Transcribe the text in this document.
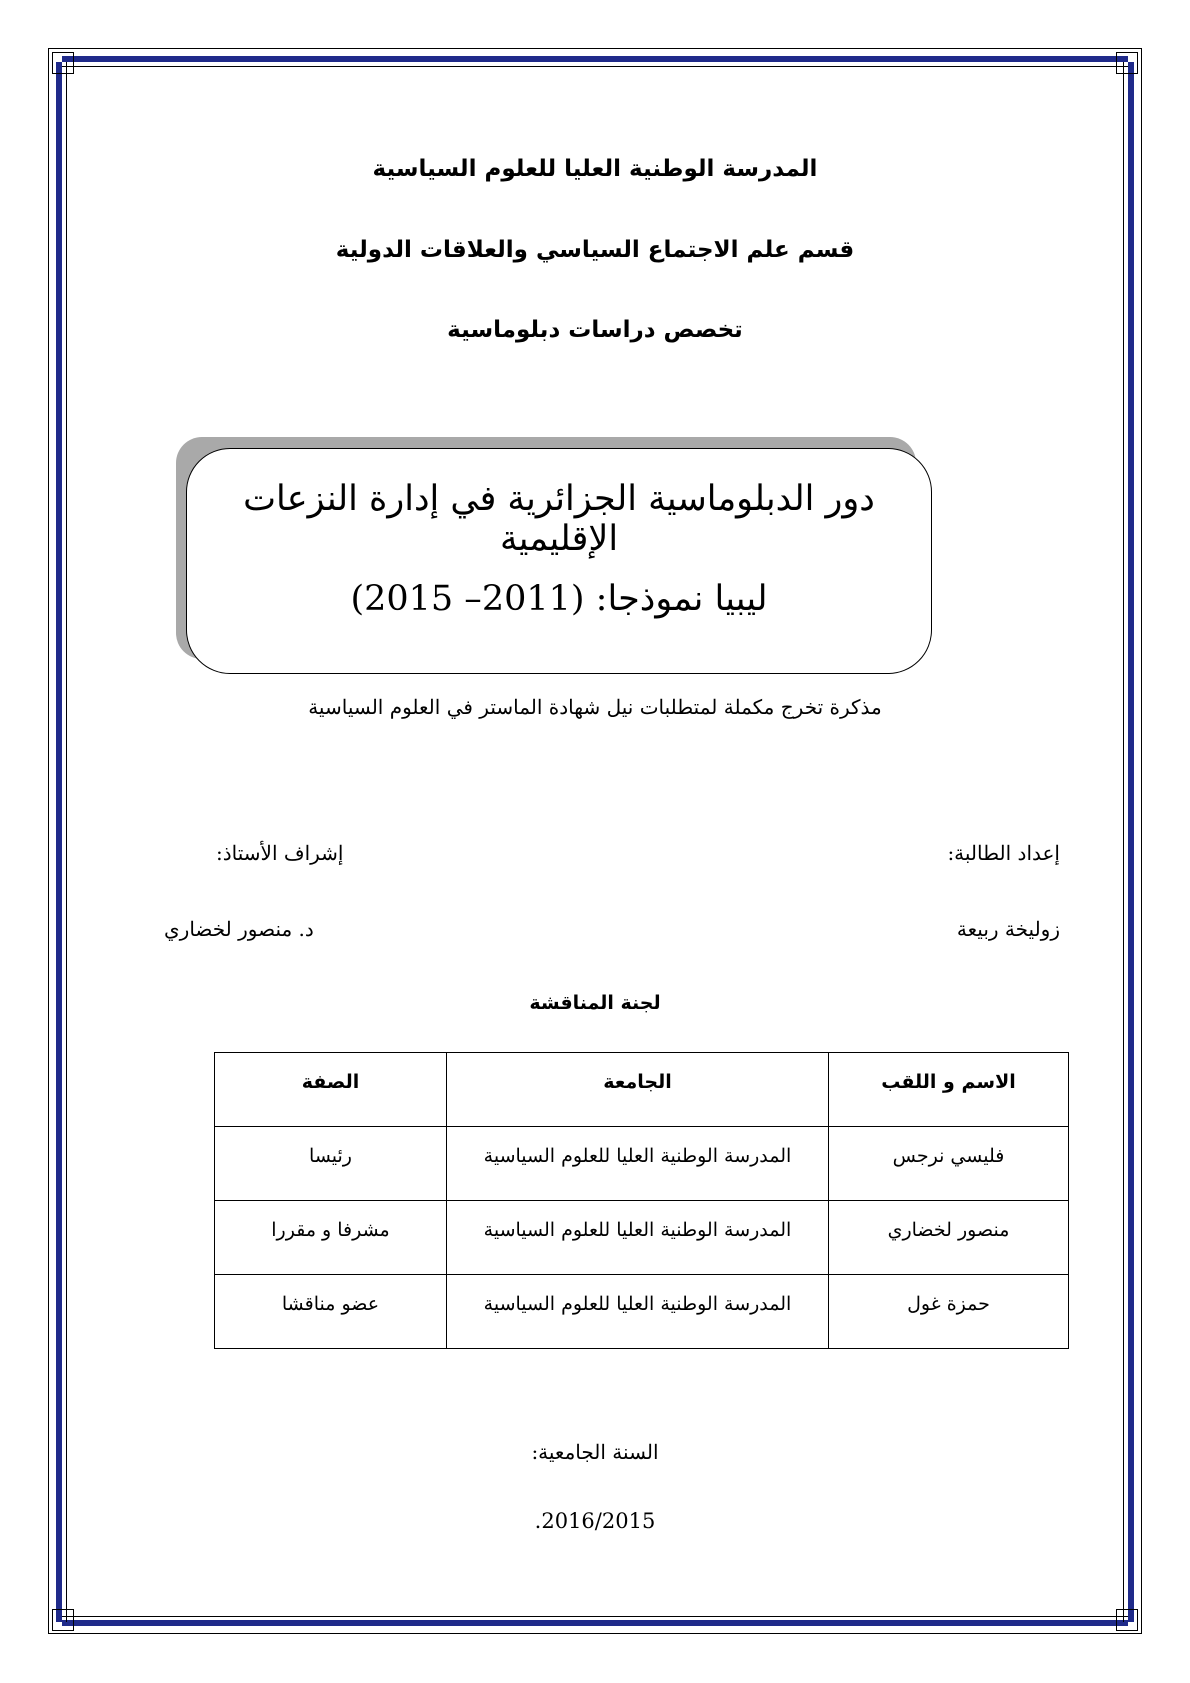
المدرسة الوطنية العليا للعلوم السياسية
قسم علم الاجتماع السياسي والعلاقات الدولية
تخصص دراسات دبلوماسية
دور الدبلوماسية الجزائرية في إدارة النزعات الإقليمية
ليبيا نموذجا: (2011– 2015)
مذكرة تخرج مكملة لمتطلبات نيل شهادة الماستر في العلوم السياسية
إعداد الطالبة:
زوليخة ربيعة
إشراف الأستاذ:
د. منصور لخضاري
لجنة المناقشة
الاسم و اللقب	الجامعة	الصفة
فليسي نرجس	المدرسة الوطنية العليا للعلوم السياسية	رئيسا
منصور لخضاري	المدرسة الوطنية العليا للعلوم السياسية	مشرفا و مقررا
حمزة غول	المدرسة الوطنية العليا للعلوم السياسية	عضو مناقشا
السنة الجامعية:
.2016/2015
